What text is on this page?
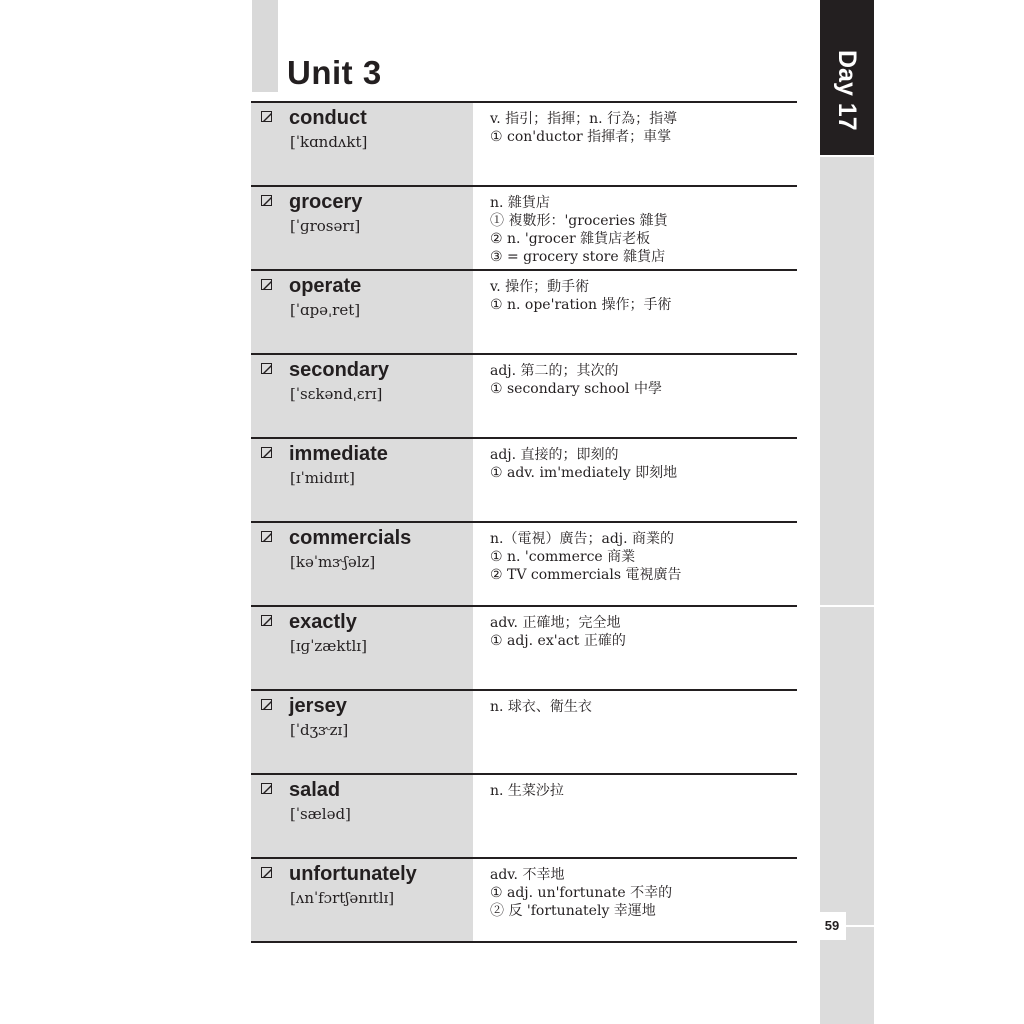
Unit 3	Day 17
59
conduct
[ˈkɑndʌkt]
v. 指引；指揮；n. 行為；指導
① con'ductor 指揮者；車掌
grocery
[ˈɡrosərɪ]
n. 雜貨店
① 複數形：'groceries 雜貨
② n. 'grocer 雜貨店老板
③ = grocery store 雜貨店
operate
[ˈɑpəˌret]
v. 操作；動手術
① n. ope'ration 操作；手術
secondary
[ˈsɛkəndˌɛrɪ]
adj. 第二的；其次的
① secondary school 中學
immediate
[ɪˈmidɪɪt]
adj. 直接的；即刻的
① adv. im'mediately 即刻地
commercials
[kəˈmɝʃəlz]
n.（電視）廣告；adj. 商業的
① n. 'commerce 商業
② TV commercials 電視廣告
exactly
[ɪɡˈzæktlɪ]
adv. 正確地；完全地
① adj. ex'act 正確的
jersey
[ˈdʒɝzɪ]
n. 球衣、衛生衣
salad
[ˈsæləd]
n. 生菜沙拉
unfortunately
[ʌnˈfɔrtʃənɪtlɪ]
adv. 不幸地
① adj. un'fortunate 不幸的
② 反 'fortunately 幸運地
